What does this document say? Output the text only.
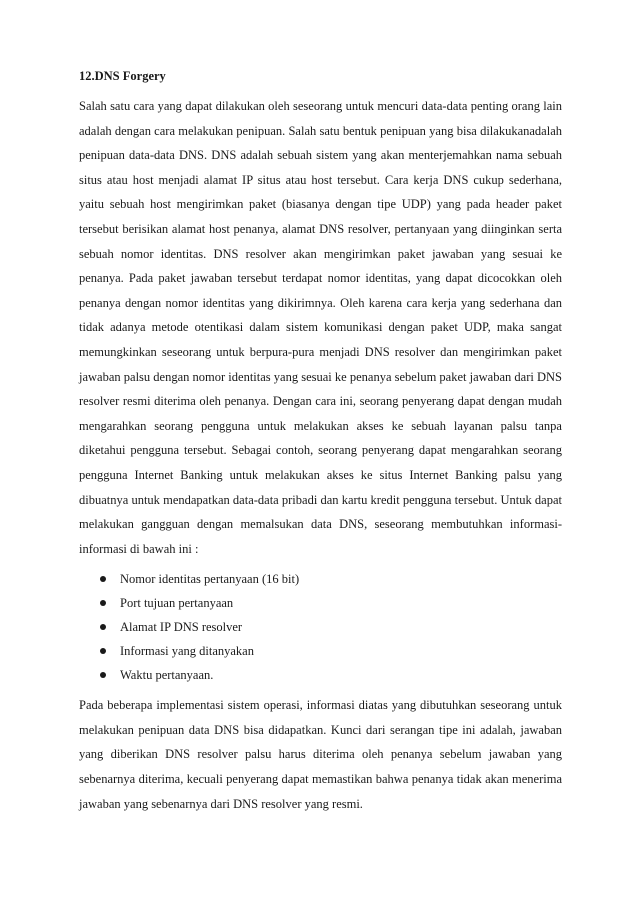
12.DNS Forgery

Salah satu cara yang dapat dilakukan oleh seseorang untuk mencuri data-data penting orang lain adalah dengan cara melakukan penipuan. Salah satu bentuk penipuan yang bisa dilakukanadalah penipuan data-data DNS. DNS adalah sebuah sistem yang akan menterjemahkan nama sebuah situs atau host menjadi alamat IP situs atau host tersebut. Cara kerja DNS cukup sederhana, yaitu sebuah host mengirimkan paket (biasanya dengan tipe UDP) yang pada header paket tersebut berisikan alamat host penanya, alamat DNS resolver, pertanyaan yang diinginkan serta sebuah nomor identitas. DNS resolver akan mengirimkan paket jawaban yang sesuai ke penanya. Pada paket jawaban tersebut terdapat nomor identitas, yang dapat dicocokkan oleh penanya dengan nomor identitas yang dikirimnya. Oleh karena cara kerja yang sederhana dan tidak adanya metode otentikasi dalam sistem komunikasi dengan paket UDP, maka sangat memungkinkan seseorang untuk berpura-pura menjadi DNS resolver dan mengirimkan paket jawaban palsu dengan nomor identitas yang sesuai ke penanya sebelum paket jawaban dari DNS resolver resmi diterima oleh penanya. Dengan cara ini, seorang penyerang dapat dengan mudah mengarahkan seorang pengguna untuk melakukan akses ke sebuah layanan palsu tanpa diketahui pengguna tersebut. Sebagai contoh, seorang penyerang dapat mengarahkan seorang pengguna Internet Banking untuk melakukan akses ke situs Internet Banking palsu yang dibuatnya untuk mendapatkan data-data pribadi dan kartu kredit pengguna tersebut. Untuk dapat melakukan gangguan dengan memalsukan data DNS, seseorang membutuhkan informasi-informasi di bawah ini :

Nomor identitas pertanyaan (16 bit)
Port tujuan pertanyaan
Alamat IP DNS resolver
Informasi yang ditanyakan
Waktu pertanyaan.

Pada beberapa implementasi sistem operasi, informasi diatas yang dibutuhkan seseorang untuk melakukan penipuan data DNS bisa didapatkan. Kunci dari serangan tipe ini adalah, jawaban yang diberikan DNS resolver palsu harus diterima oleh penanya sebelum jawaban yang sebenarnya diterima, kecuali penyerang dapat memastikan bahwa penanya tidak akan menerima jawaban yang sebenarnya dari DNS resolver yang resmi.
